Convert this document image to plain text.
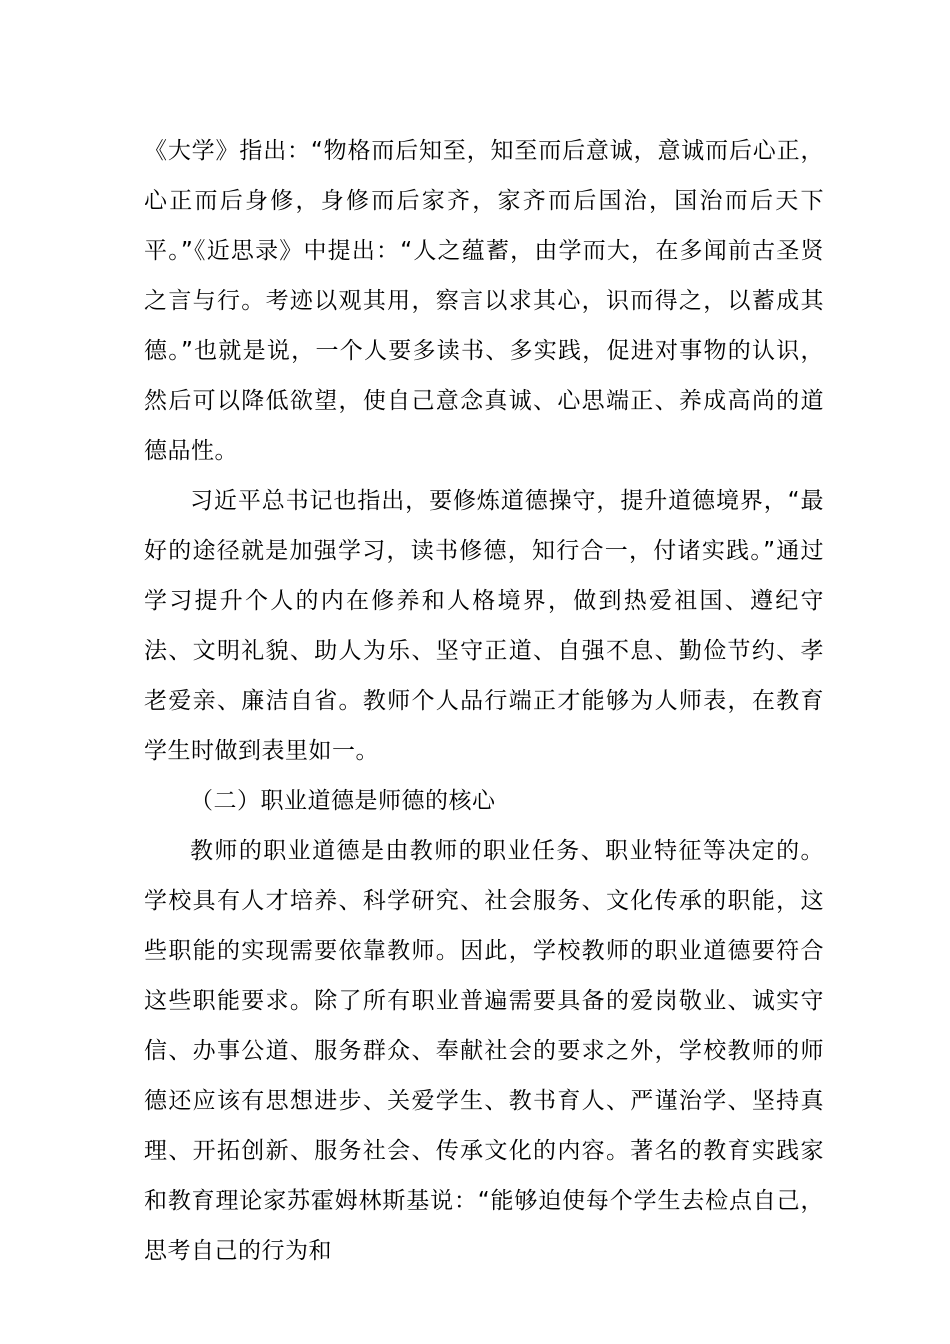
《大学》指出：“物格而后知至，知至而后意诚，意诚而后心正，心正而后身修，身修而后家齐，家齐而后国治，国治而后天下平。”《近思录》中提出：“人之蕴蓄，由学而大，在多闻前古圣贤之言与行。考迹以观其用，察言以求其心，识而得之，以蓄成其德。”也就是说，一个人要多读书、多实践，促进对事物的认识，然后可以降低欲望，使自己意念真诚、心思端正、养成高尚的道德品性。

习近平总书记也指出，要修炼道德操守，提升道德境界，“最好的途径就是加强学习，读书修德，知行合一，付诸实践。”通过学习提升个人的内在修养和人格境界，做到热爱祖国、遵纪守法、文明礼貌、助人为乐、坚守正道、自强不息、勤俭节约、孝老爱亲、廉洁自省。教师个人品行端正才能够为人师表，在教育学生时做到表里如一。

（二）职业道德是师德的核心

教师的职业道德是由教师的职业任务、职业特征等决定的。学校具有人才培养、科学研究、社会服务、文化传承的职能，这些职能的实现需要依靠教师。因此，学校教师的职业道德要符合这些职能要求。除了所有职业普遍需要具备的爱岗敬业、诚实守信、办事公道、服务群众、奉献社会的要求之外，学校教师的师德还应该有思想进步、关爱学生、教书育人、严谨治学、坚持真理、开拓创新、服务社会、传承文化的内容。著名的教育实践家和教育理论家苏霍姆林斯基说：“能够迫使每个学生去检点自己，思考自己的行为和
